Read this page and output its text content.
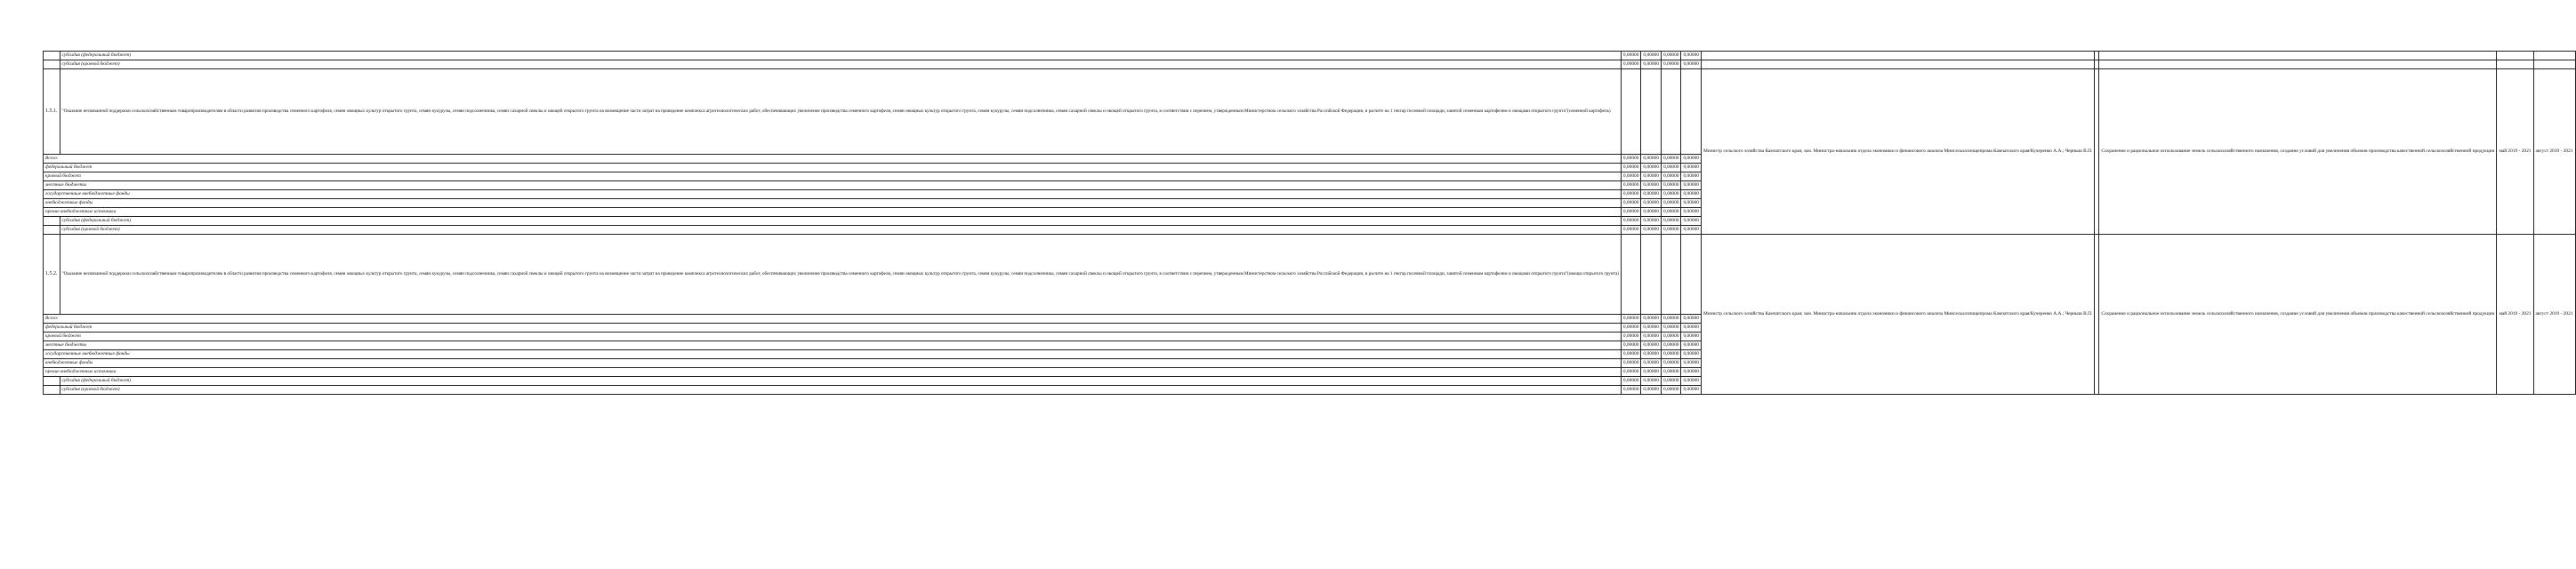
	субсидия (федеральный бюджет)	0,00000	0,00000	0,00000	0,00000					
	субсидия (краевой бюджет)	0,00000	0,00000	0,00000	0,00000					
1.5.1.	"Оказание несвязанной поддержки сельскохозяйственным товаропроизводителям в области развития производства семенного картофеля, семян овощных культур открытого грунта, семян кукурузы, семян подсолнечника, семян сахарной свеклы и овощей открытого грунта на возмещение части затрат на проведение комплекса агротехнологических работ, обеспечивающих увеличение производства семенного картофеля, семян овощных культур открытого грунта, семян кукурузы, семян подсолнечника, семян сахарной свеклы и овощей открытого грунта, в соответствии с перечнем, утвержденным Министерством сельского хозяйства Российской Федерации, в расчете на 1 гектар посевной площади, занятой семенным картофелем и овощами открытого грунта"(семенной картофель)					Министр сельского хозяйства Камчатского края; зам. Министра-начальник отдела экономики и финансового анализа Минсельхозпищепрома Камчатского края/Кучеренко А.А.; Черныш В.П.		Сохранение и рациональное использование земель сельскохозяйственного назначения, создание условий для увеличения объемов производства качественной сельскохозяйственной продукции	май 2019 - 2021	август 2019 - 2021
Всего:		0,00000	0,00000	0,00000	0,00000					
федеральный бюджет		0,00000	0,00000	0,00000	0,00000					
краевой бюджет		0,00000	0,00000	0,00000	0,00000					
местные бюджеты		0,00000	0,00000	0,00000	0,00000					
государственные внебюджетные фонды		0,00000	0,00000	0,00000	0,00000					
внебюджетные фонды		0,00000	0,00000	0,00000	0,00000					
прочие внебюджетные источники		0,00000	0,00000	0,00000	0,00000					
	субсидия (федеральный бюджет)	0,00000	0,00000	0,00000	0,00000					
	субсидия (краевой бюджет)	0,00000	0,00000	0,00000	0,00000					
1.5.2.	"Оказание несвязанной поддержки сельскохозяйственным товаропроизводителям в области развития производства семенного картофеля, семян овощных культур открытого грунта, семян кукурузы, семян подсолнечника, семян сахарной свеклы и овощей открытого грунта на возмещение части затрат на проведение комплекса агротехнологических работ, обеспечивающих увеличение производства семенного картофеля, семян овощных культур открытого грунта, семян кукурузы, семян подсолнечника, семян сахарной свеклы и овощей открытого грунта, в соответствии с перечнем, утвержденным Министерством сельского хозяйства Российской Федерации, в расчете на 1 гектар посевной площади, занятой семенным картофелем и овощами открытого грунта"(овощи открытого грунта)					Министр сельского хозяйства Камчатского края; зам. Министра-начальник отдела экономики и финансового анализа Минсельхозпищепрома Камчатского края/Кучеренко А.А.; Черныш В.П.		Сохранение и рациональное использование земель сельскохозяйственного назначения, создание условий для увеличения объемов производства качественной сельскохозяйственной продукции	май 2019 - 2021	август 2019 - 2021
Всего:		0,00000	0,00000	0,00000	0,00000					
федеральный бюджет		0,00000	0,00000	0,00000	0,00000					
краевой бюджет		0,00000	0,00000	0,00000	0,00000					
местные бюджеты		0,00000	0,00000	0,00000	0,00000					
государственные внебюджетные фонды		0,00000	0,00000	0,00000	0,00000					
внебюджетные фонды		0,00000	0,00000	0,00000	0,00000					
прочие внебюджетные источники		0,00000	0,00000	0,00000	0,00000					
	субсидия (федеральный бюджет)	0,00000	0,00000	0,00000	0,00000					
	субсидия (краевой бюджет)	0,00000	0,00000	0,00000	0,00000					
